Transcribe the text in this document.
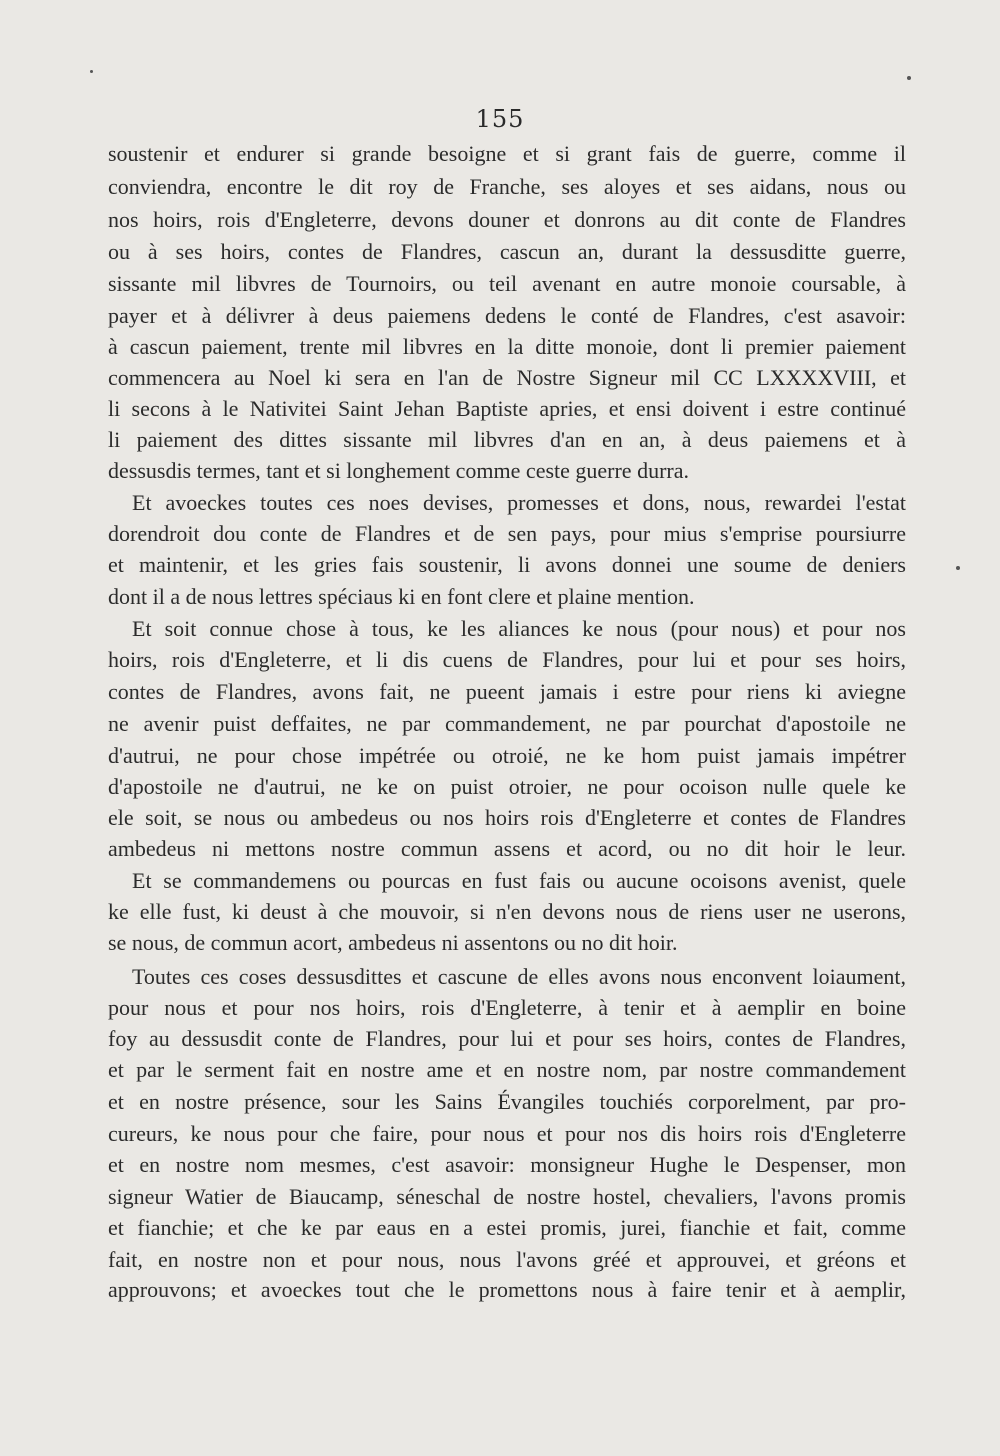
155
soustenir et endurer si grande besoigne et si grant fais de guerre, comme il
conviendra, encontre le dit roy de Franche, ses aloyes et ses aidans, nous ou
nos hoirs, rois d'Engleterre, devons douner et donrons au dit conte de Flandres
ou à ses hoirs, contes de Flandres, cascun an, durant la dessusditte guerre,
sissante mil libvres de Tournoirs, ou teil avenant en autre monoie coursable, à
payer et à délivrer à deus paiemens dedens le conté de Flandres, c'est asavoir:
à cascun paiement, trente mil libvres en la ditte monoie, dont li premier paiement
commencera au Noel ki sera en l'an de Nostre Signeur mil CC LXXXXVIII, et
li secons à le Nativitei Saint Jehan Baptiste apries, et ensi doivent i estre continué
li paiement des dittes sissante mil libvres d'an en an, à deus paiemens et à
dessusdis termes, tant et si longhement comme ceste guerre durra.
Et avoeckes toutes ces noes devises, promesses et dons, nous, rewardei l'estat
dorendroit dou conte de Flandres et de sen pays, pour mius s'emprise poursiurre
et maintenir, et les gries fais soustenir, li avons donnei une soume de deniers
dont il a de nous lettres spéciaus ki en font clere et plaine mention.
Et soit connue chose à tous, ke les aliances ke nous (pour nous) et pour nos
hoirs, rois d'Engleterre, et li dis cuens de Flandres, pour lui et pour ses hoirs,
contes de Flandres, avons fait, ne pueent jamais i estre pour riens ki aviegne
ne avenir puist deffaites, ne par commandement, ne par pourchat d'apostoile ne
d'autrui, ne pour chose impétrée ou otroié, ne ke hom puist jamais impétrer
d'apostoile ne d'autrui, ne ke on puist otroier, ne pour ocoison nulle quele ke
ele soit, se nous ou ambedeus ou nos hoirs rois d'Engleterre et contes de Flandres
ambedeus ni mettons nostre commun assens et acord, ou no dit hoir le leur.
Et se commandemens ou pourcas en fust fais ou aucune ocoisons avenist, quele
ke elle fust, ki deust à che mouvoir, si n'en devons nous de riens user ne userons,
se nous, de commun acort, ambedeus ni assentons ou no dit hoir.
Toutes ces coses dessusdittes et cascune de elles avons nous enconvent loiaument,
pour nous et pour nos hoirs, rois d'Engleterre, à tenir et à aemplir en boine
foy au dessusdit conte de Flandres, pour lui et pour ses hoirs, contes de Flandres,
et par le serment fait en nostre ame et en nostre nom, par nostre commandement
et en nostre présence, sour les Sains Évangiles touchiés corporelment, par pro-
cureurs, ke nous pour che faire, pour nous et pour nos dis hoirs rois d'Engleterre
et en nostre nom mesmes, c'est asavoir: monsigneur Hughe le Despenser, mon
signeur Watier de Biaucamp, séneschal de nostre hostel, chevaliers, l'avons promis
et fianchie; et che ke par eaus en a estei promis, jurei, fianchie et fait, comme
fait, en nostre non et pour nous, nous l'avons gréé et approuvei, et gréons et
approuvons; et avoeckes tout che le promettons nous à faire tenir et à aemplir,
